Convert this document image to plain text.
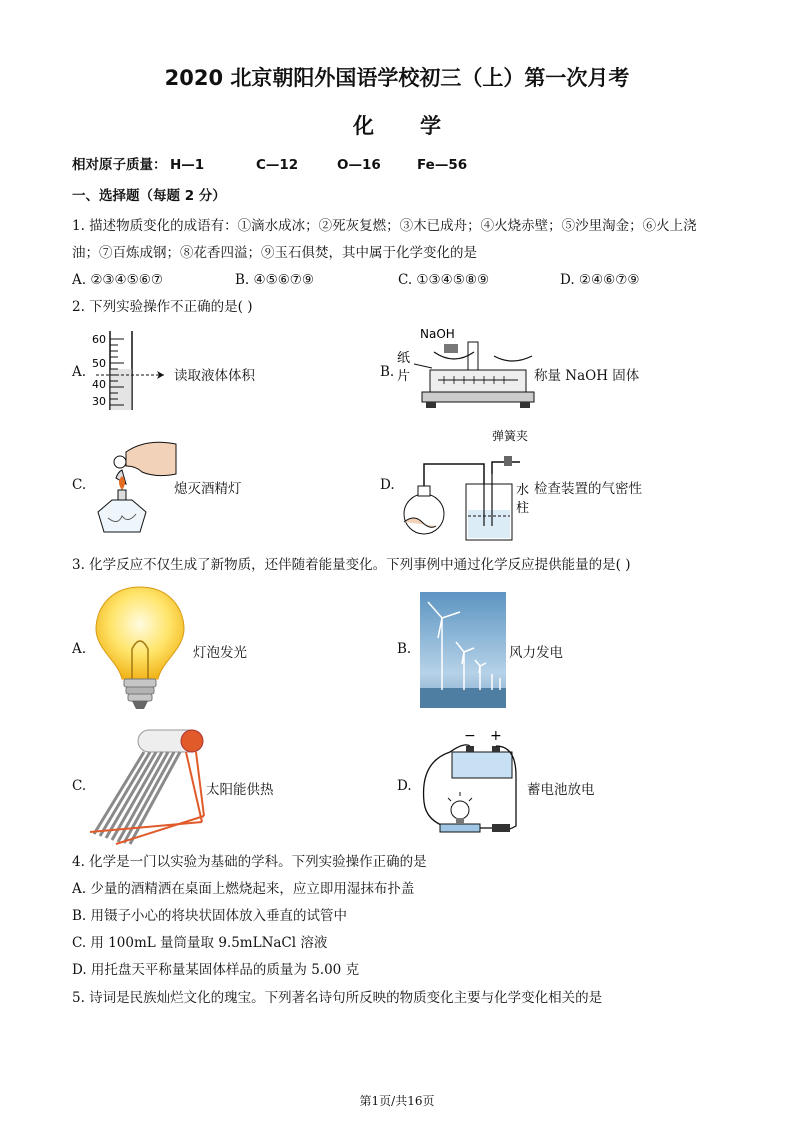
2020 北京朝阳外国语学校初三（上）第一次月考
化学
相对原子质量： H—1	C—12	O—16	Fe—56
一、选择题（每题 2 分）
1. 描述物质变化的成语有：①滴水成冰；②死灰复燃；③木已成舟；④火烧赤壁；⑤沙里淘金；⑥火上浇
油；⑦百炼成钢；⑧花香四溢；⑨玉石俱焚，其中属于化学变化的是
A. ②③④⑤⑥⑦	B. ④⑤⑥⑦⑨	C. ①③④⑤⑧⑨	D. ②④⑥⑦⑨
2. 下列实验操作不正确的是( )
A.
60
50
40
30
读取液体体积	B.
NaOH
纸
片	称量 NaOH 固体
C.	熄灭酒精灯	D.
弹簧夹
水
柱
检查装置的气密性
3. 化学反应不仅生成了新物质，还伴随着能量变化。下列事例中通过化学反应提供能量的是( )
A.	灯泡发光	B.	风力发电
C.	太阳能供热	D.
− +
蓄电池放电
4. 化学是一门以实验为基础的学科。下列实验操作正确的是
A. 少量的酒精洒在桌面上燃烧起来，应立即用湿抹布扑盖
B. 用镊子小心的将块状固体放入垂直的试管中
C. 用 100mL 量筒量取 9.5mLNaCl 溶液
D. 用托盘天平称量某固体样品的质量为 5.00 克
5. 诗词是民族灿烂文化的瑰宝。下列著名诗句所反映的物质变化主要与化学变化相关的是
第1页/共16页
